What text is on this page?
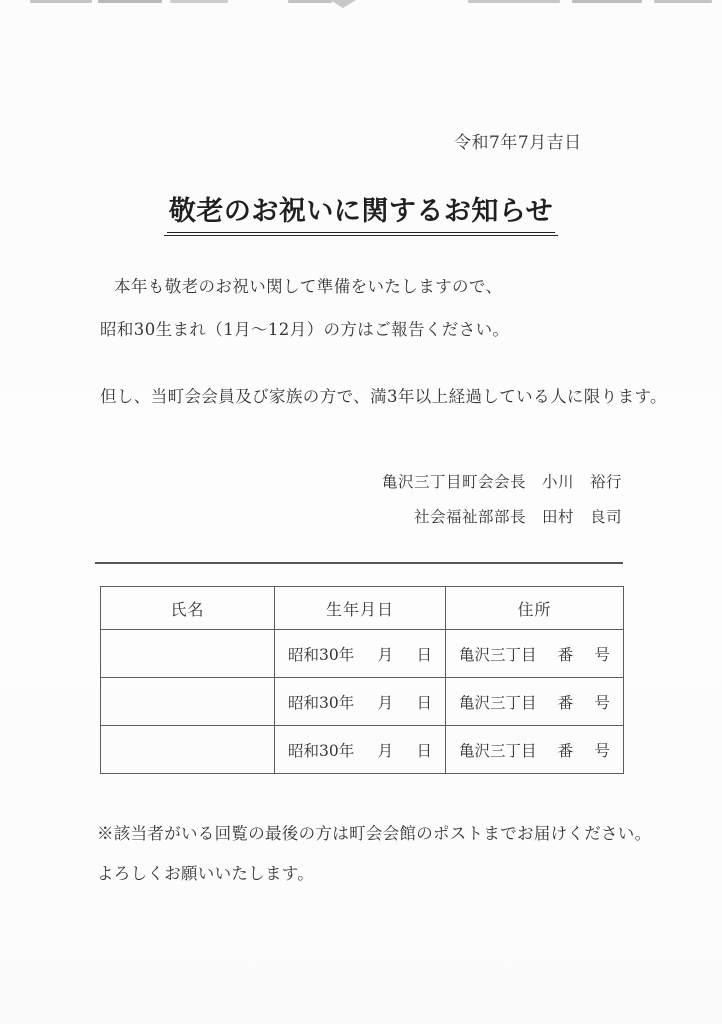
令和7年7月吉日
敬老のお祝いに関するお知らせ
本年も敬老のお祝い関して準備をいたしますので、
昭和30生まれ（1月～12月）の方はご報告ください。
但し、当町会会員及び家族の方で、満3年以上経過している人に限ります。
亀沢三丁目町会会長　小川　裕行
社会福祉部部長　田村　良司
氏名	生年月日	住所

	昭和30年 月 日	亀沢三丁目 番 号

	昭和30年 月 日	亀沢三丁目 番 号

	昭和30年 月 日	亀沢三丁目 番 号
※該当者がいる回覧の最後の方は町会会館のポストまでお届けください。
よろしくお願いいたします。
